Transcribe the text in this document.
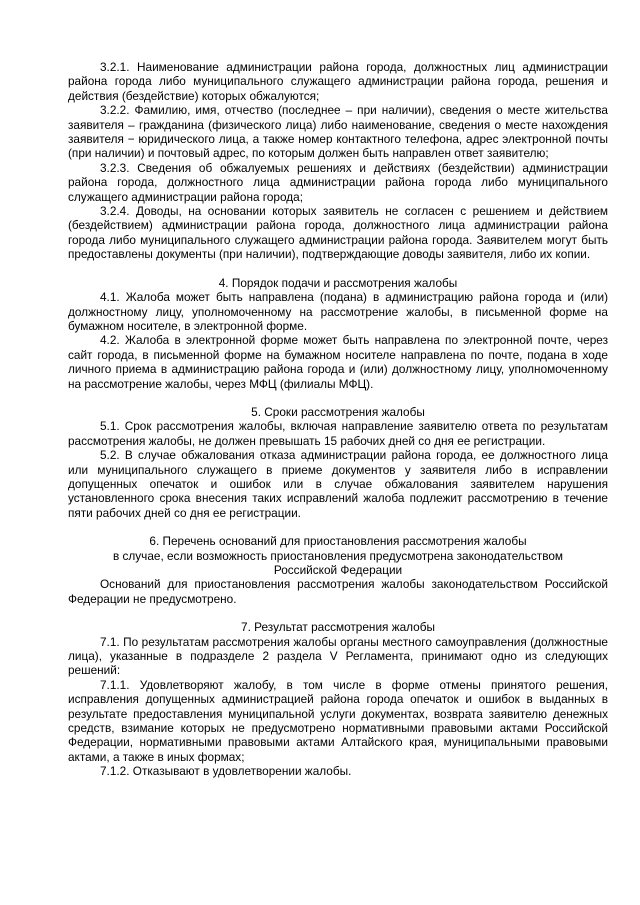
3.2.1. Наименование администрации района города, должностных лиц администрации района города либо муниципального служащего администрации района города, решения и действия (бездействие) которых обжалуются;

3.2.2. Фамилию, имя, отчество (последнее – при наличии), сведения о месте жительства заявителя – гражданина (физического лица) либо наименование, сведения о месте нахождения заявителя − юридического лица, а также номер контактного телефона, адрес электронной почты (при наличии) и почтовый адрес, по которым должен быть направлен ответ заявителю;

3.2.3. Сведения об обжалуемых решениях и действиях (бездействии) администрации района города, должностного лица администрации района города либо муниципального служащего администрации района города;

3.2.4. Доводы, на основании которых заявитель не согласен с решением и действием (бездействием) администрации района города, должностного лица администрации района города либо муниципального служащего администрации района города. Заявителем могут быть предоставлены документы (при наличии), подтверждающие доводы заявителя, либо их копии.

4. Порядок подачи и рассмотрения жалобы

4.1. Жалоба может быть направлена (подана) в администрацию района города и (или) должностному лицу, уполномоченному на рассмотрение жалобы, в письменной форме на бумажном носителе, в электронной форме.

4.2. Жалоба в электронной форме может быть направлена по электронной почте, через сайт города, в письменной форме на бумажном носителе направлена по почте, подана в ходе личного приема в администрацию района города и (или) должностному лицу, уполномоченному на рассмотрение жалобы, через МФЦ (филиалы МФЦ).

5. Сроки рассмотрения жалобы

5.1. Срок рассмотрения жалобы, включая направление заявителю ответа по результатам рассмотрения жалобы, не должен превышать 15 рабочих дней со дня ее регистрации.

5.2. В случае обжалования отказа администрации района города, ее должностного лица или муниципального служащего в приеме документов у заявителя либо в исправлении допущенных опечаток и ошибок или в случае обжалования заявителем нарушения установленного срока внесения таких исправлений жалоба подлежит рассмотрению в течение пяти рабочих дней со дня ее регистрации.

6. Перечень оснований для приостановления рассмотрения жалобы

в случае, если возможность приостановления предусмотрена законодательством

Российской Федерации

Оснований для приостановления рассмотрения жалобы законодательством Российской Федерации не предусмотрено.

7. Результат рассмотрения жалобы

7.1. По результатам рассмотрения жалобы органы местного самоуправления (должностные лица), указанные в подразделе 2 раздела V Регламента, принимают одно из следующих решений:

7.1.1. Удовлетворяют жалобу, в том числе в форме отмены принятого решения, исправления допущенных администрацией района города опечаток и ошибок в выданных в результате предоставления муниципальной услуги документах, возврата заявителю денежных средств, взимание которых не предусмотрено нормативными правовыми актами Российской Федерации, нормативными правовыми актами Алтайского края, муниципальными правовыми актами, а также в иных формах;

7.1.2. Отказывают в удовлетворении жалобы.
